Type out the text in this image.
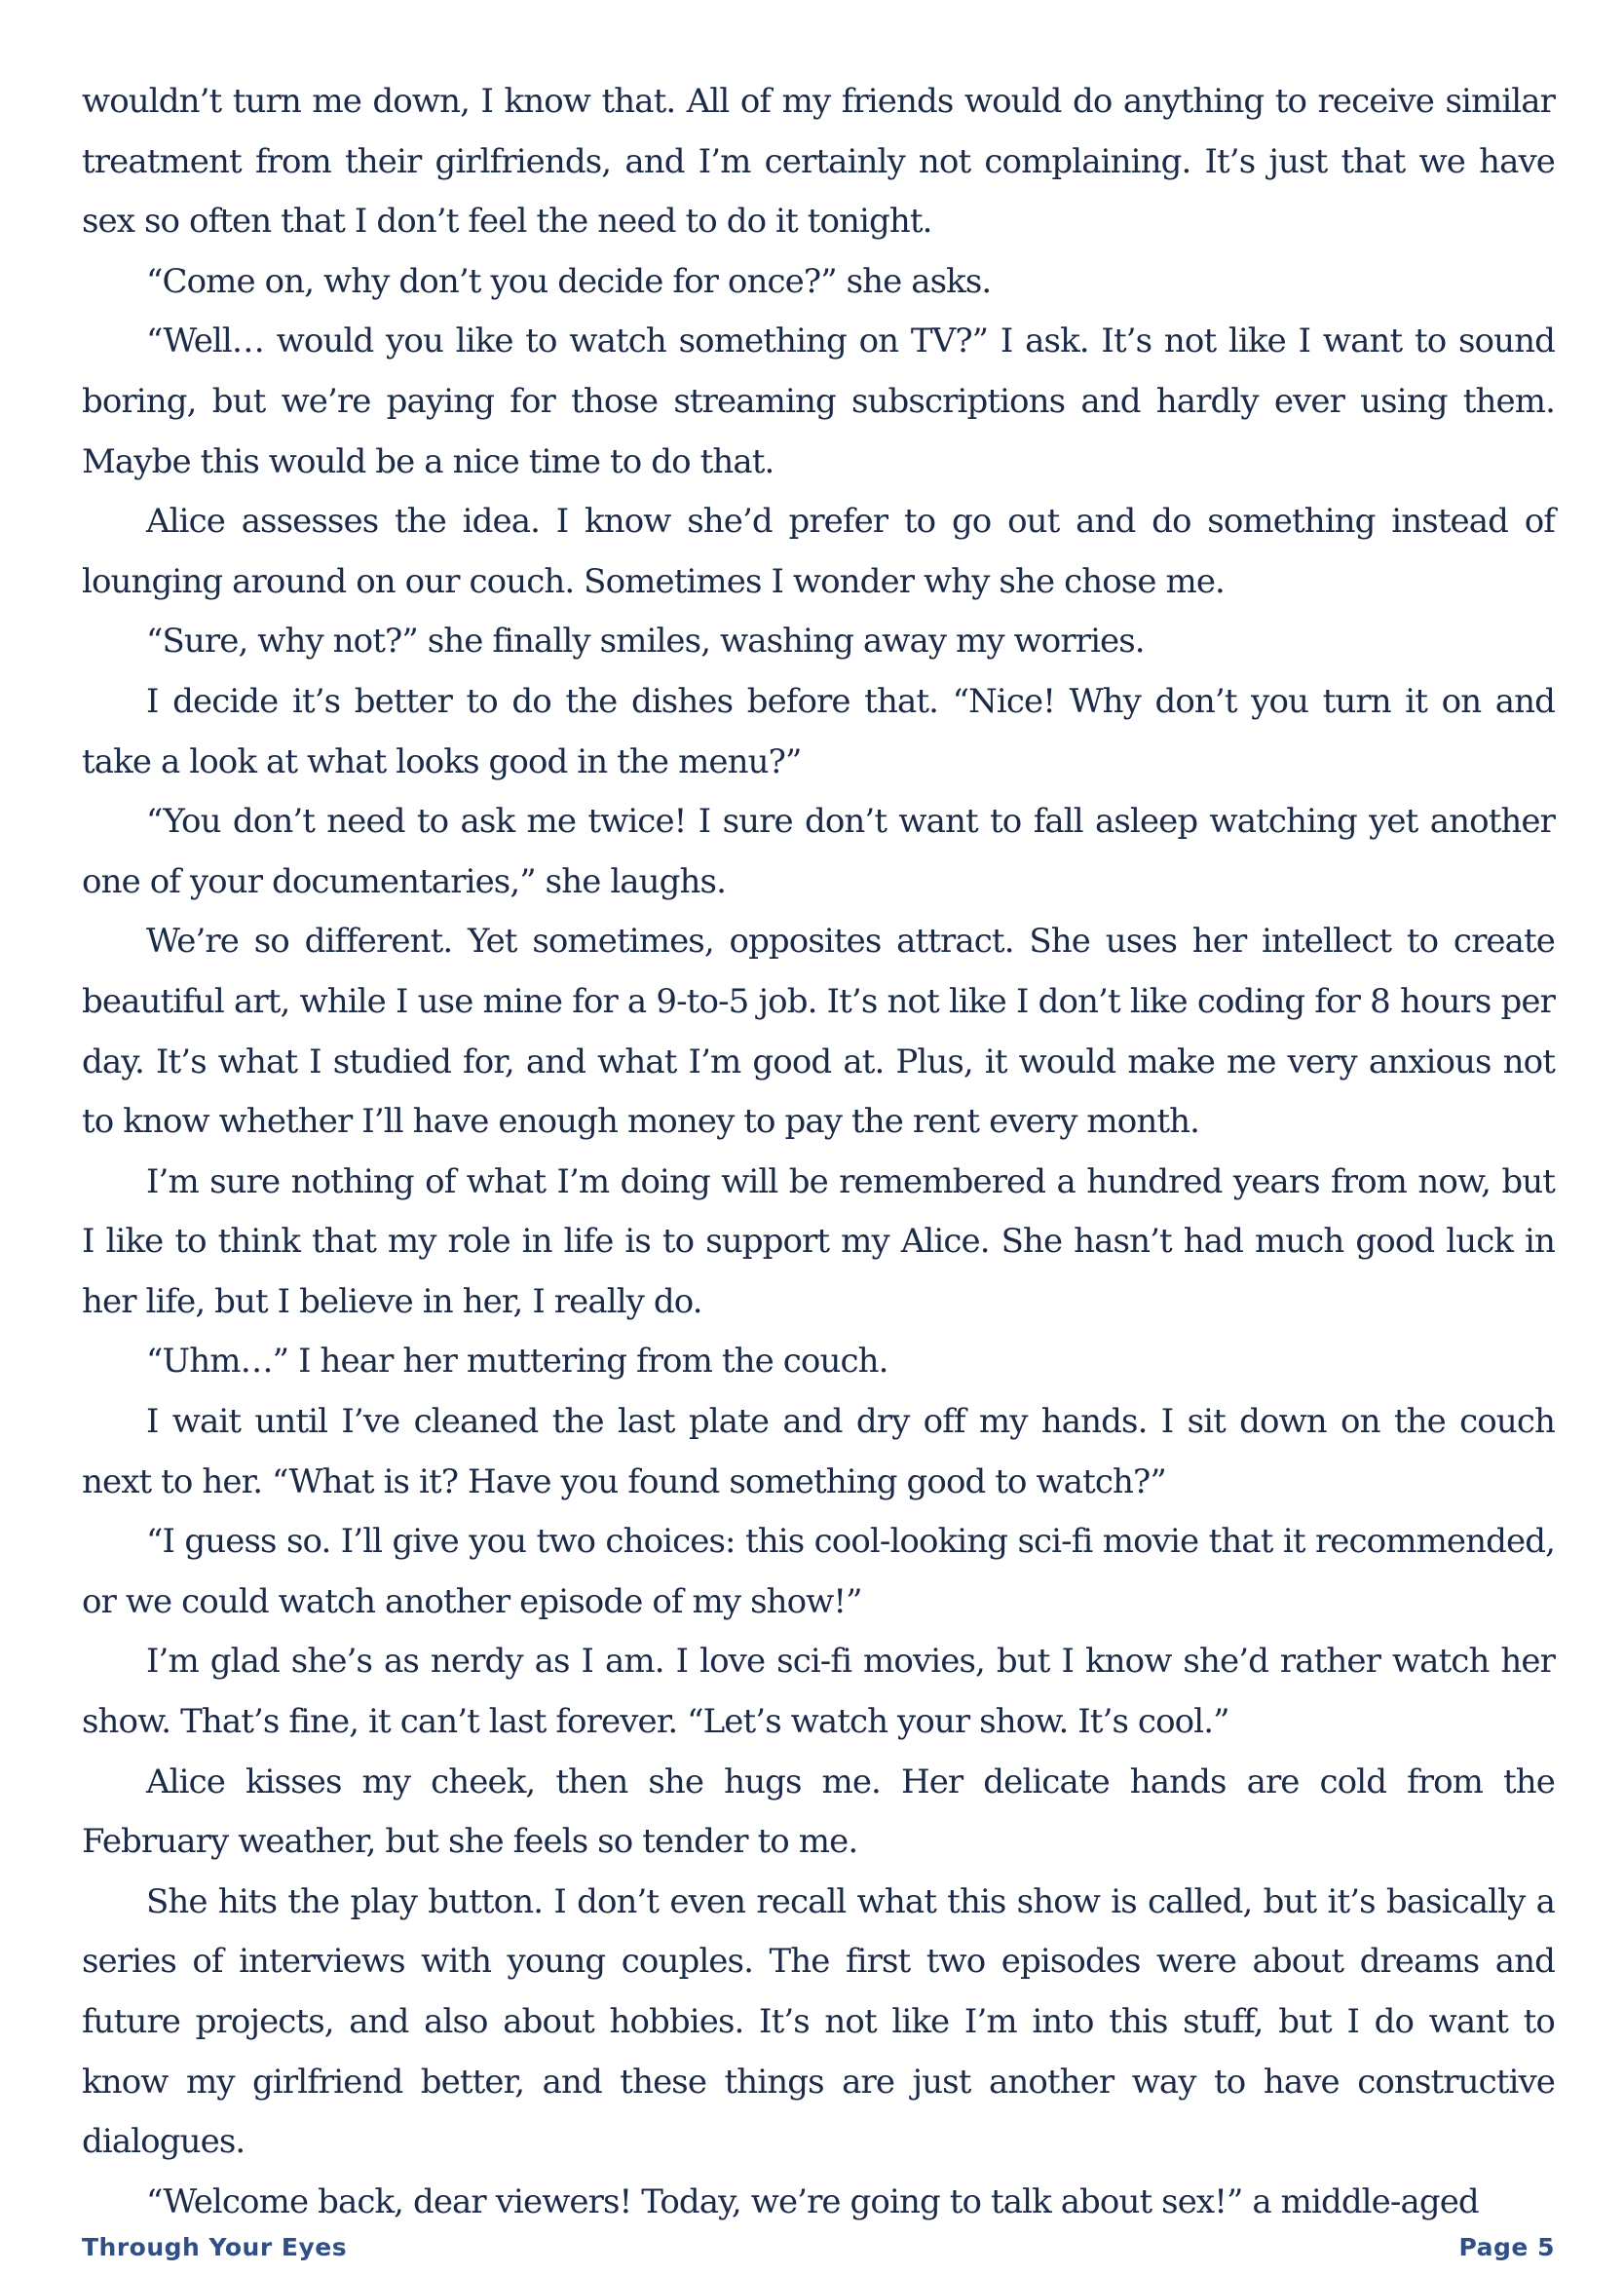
wouldn’t turn me down, I know that. All of my friends would do anything to receive similar treatment from their girlfriends, and I’m certainly not complaining. It’s just that we have sex so often that I don’t feel the need to do it tonight.

“Come on, why don’t you decide for once?” she asks.

“Well… would you like to watch something on TV?” I ask. It’s not like I want to sound boring, but we’re paying for those streaming subscriptions and hardly ever using them. Maybe this would be a nice time to do that.

Alice assesses the idea. I know she’d prefer to go out and do something instead of lounging around on our couch. Sometimes I wonder why she chose me.

“Sure, why not?” she finally smiles, washing away my worries.

I decide it’s better to do the dishes before that. “Nice! Why don’t you turn it on and take a look at what looks good in the menu?”

“You don’t need to ask me twice! I sure don’t want to fall asleep watching yet another one of your documentaries,” she laughs.

We’re so different. Yet sometimes, opposites attract. She uses her intellect to create beautiful art, while I use mine for a 9-to-5 job. It’s not like I don’t like coding for 8 hours per day. It’s what I studied for, and what I’m good at. Plus, it would make me very anxious not to know whether I’ll have enough money to pay the rent every month.

I’m sure nothing of what I’m doing will be remembered a hundred years from now, but I like to think that my role in life is to support my Alice. She hasn’t had much good luck in her life, but I believe in her, I really do.

“Uhm…” I hear her muttering from the couch.

I wait until I’ve cleaned the last plate and dry off my hands. I sit down on the couch next to her. “What is it? Have you found something good to watch?”

“I guess so. I’ll give you two choices: this cool-looking sci-fi movie that it recommended, or we could watch another episode of my show!”

I’m glad she’s as nerdy as I am. I love sci-fi movies, but I know she’d rather watch her show. That’s fine, it can’t last forever. “Let’s watch your show. It’s cool.”

Alice kisses my cheek, then she hugs me. Her delicate hands are cold from the February weather, but she feels so tender to me.

She hits the play button. I don’t even recall what this show is called, but it’s basically a series of interviews with young couples. The first two episodes were about dreams and future projects, and also about hobbies. It’s not like I’m into this stuff, but I do want to know my girlfriend better, and these things are just another way to have constructive dialogues.

“Welcome back, dear viewers! Today, we’re going to talk about sex!” a middle-aged

Through Your Eyes	Page 5
